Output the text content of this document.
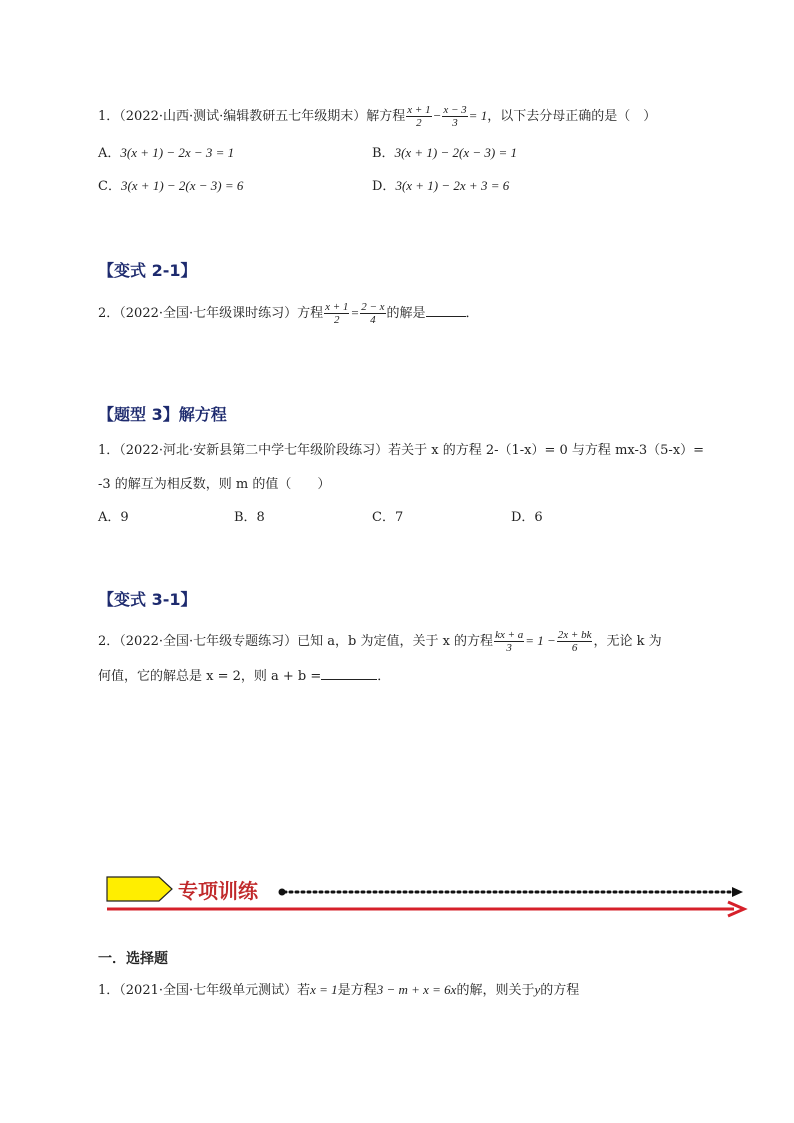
1．（2022·山西·测试·编辑教研五七年级期末）解方程 $\frac{x + 1}{2} - \frac{x - 3}{3} = 1$，以下去分母正确的是（　）
A．3(x + 1) − 2x − 3 = 1	B．3(x + 1) − 2(x − 3) = 1
C．3(x + 1) − 2(x − 3) = 6	D．3(x + 1) − 2x + 3 = 6
【变式 2-1】
2．（2022·全国·七年级课时练习）方程 $\frac{x + 1}{2} = \frac{2 - x}{4}$ 的解是	．
【题型 3】解方程
1．（2022·河北·安新县第二中学七年级阶段练习）若关于 x 的方程 2-（1-x）= 0 与方程 mx-3（5-x）=
-3 的解互为相反数，则 m 的值（　　）
A．9	B．8	C．7	D．6
【变式 3-1】
2．（2022·全国·七年级专题练习）已知 a，b 为定值，关于 x 的方程 $\frac{kx + a}{3} = 1 - \frac{2x + bk}{6}$ ，无论 k 为
何值，它的解总是 x = 2，则 a + b =	．
专项训练
一．选择题
1．（2021·全国·七年级单元测试）若x = 1是方程3 − m + x = 6x的解，则关于y的方程
